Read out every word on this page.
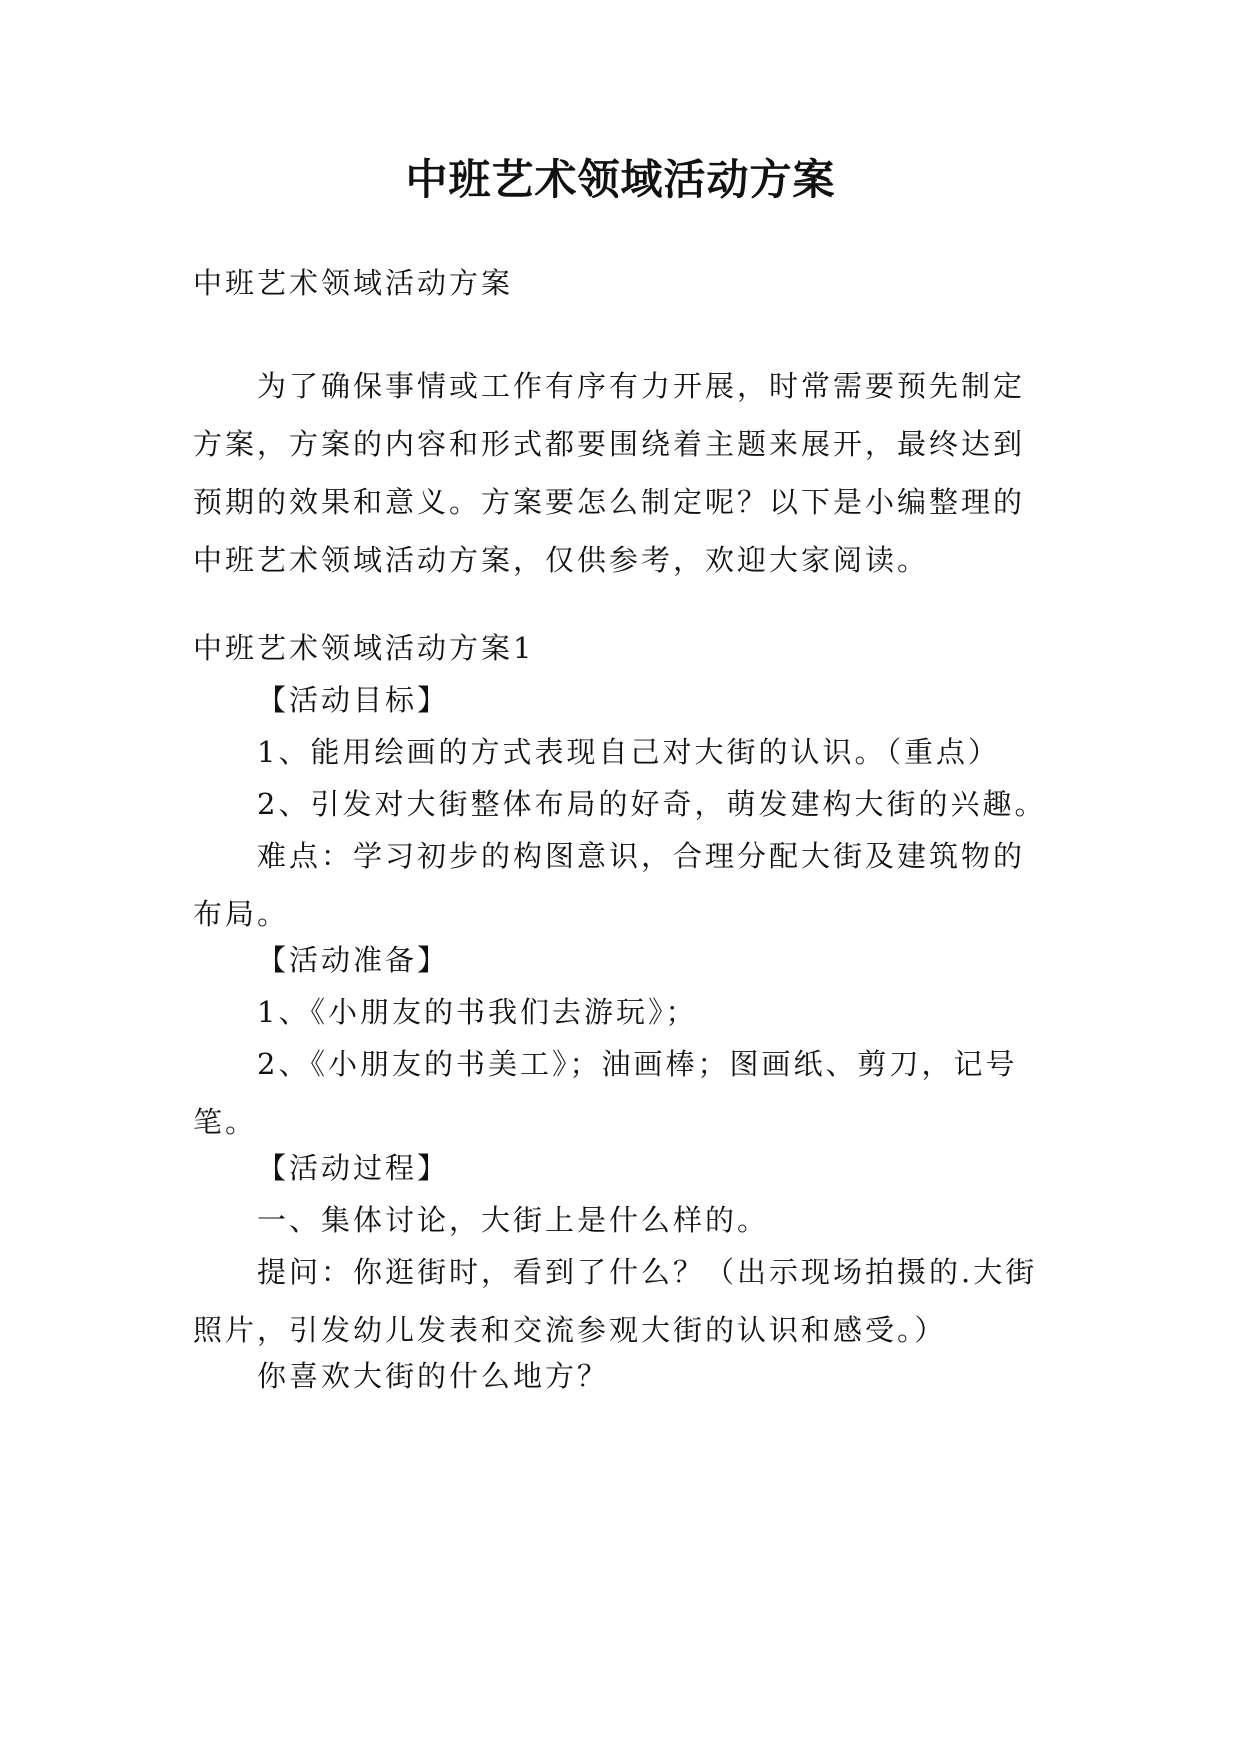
中班艺术领域活动方案

中班艺术领域活动方案

为了确保事情或工作有序有力开展，时常需要预先制定方案，方案的内容和形式都要围绕着主题来展开，最终达到预期的效果和意义。方案要怎么制定呢？以下是小编整理的中班艺术领域活动方案，仅供参考，欢迎大家阅读。

中班艺术领域活动方案1

【活动目标】

1、能用绘画的方式表现自己对大街的认识。（重点）

2、引发对大街整体布局的好奇，萌发建构大街的兴趣。

难点：学习初步的构图意识，合理分配大街及建筑物的布局。

【活动准备】

1、《小朋友的书我们去游玩》；

2、《小朋友的书美工》；油画棒；图画纸、剪刀，记号笔。

【活动过程】

一、集体讨论，大街上是什么样的。

提问：你逛街时，看到了什么？（出示现场拍摄的.大街照片，引发幼儿发表和交流参观大街的认识和感受。）

你喜欢大街的什么地方？
